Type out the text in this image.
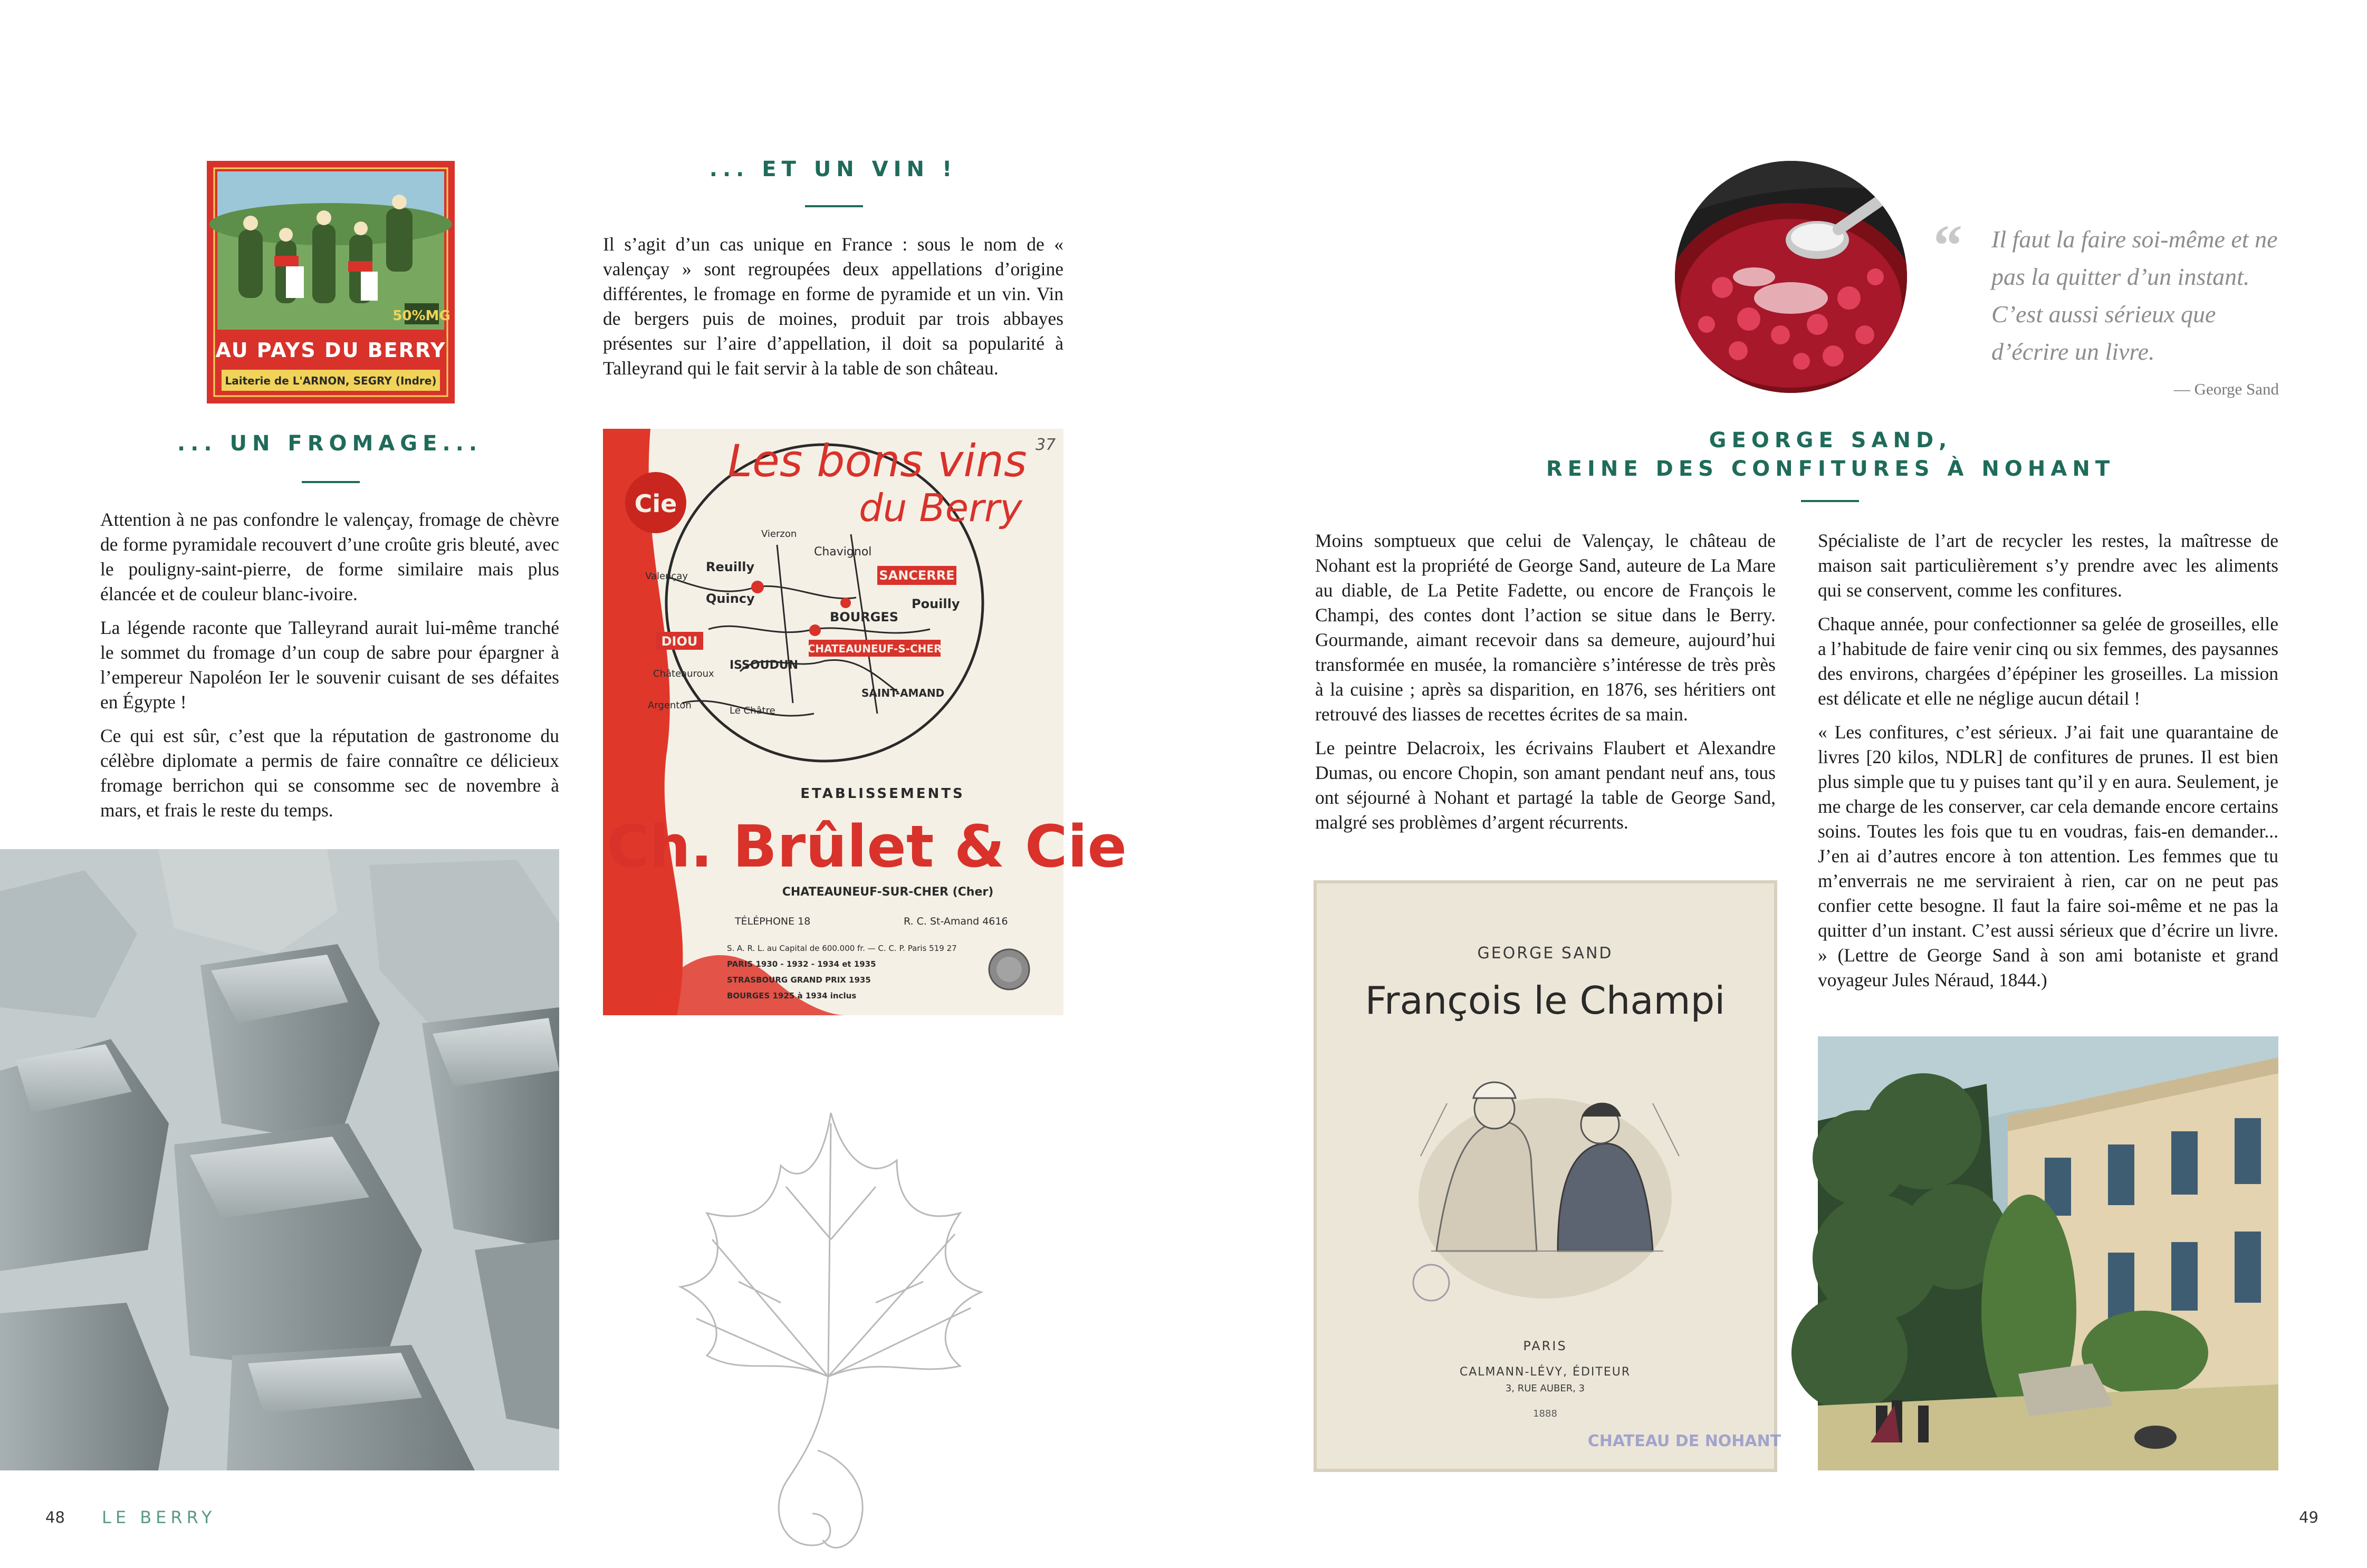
50%MG
AU PAYS DU BERRY
Laiterie de L'ARNON, SEGRY (Indre)
... UN FROMAGE...

Attention à ne pas confondre le valençay, fromage de chèvre de forme pyramidale recouvert d’une croûte gris bleuté, avec le pouligny-saint-pierre, de forme similaire mais plus élancée et de couleur blanc-ivoire.

La légende raconte que Talleyrand aurait lui-même tranché le sommet du fromage d’un coup de sabre pour épargner à l’empereur Napoléon Ier le souvenir cuisant de ses défaites en Égypte !

Ce qui est sûr, c’est que la réputation de gastronome du célèbre diplomate a permis de faire connaître ce délicieux fromage berrichon qui se consomme sec de novembre à mars, et frais le reste du temps.

... ET UN VIN !

Il s’agit d’un cas unique en France : sous le nom de « valençay » sont regroupées deux appellations d’origine différentes, le fromage en forme de pyramide et un vin. Vin de bergers puis de moines, produit par trois abbayes présentes sur l’aire d’appellation, il doit sa popularité à Talleyrand qui le fait servir à la table de son château.

Cie
Les bons vins
du Berry
37
SANCERRE
Reuilly
Quincy
Chavignol
Pouilly
BOURGES
DIOU
ISSOUDUN
CHATEAUNEUF-S-CHER
SAINT-AMAND
Valençay
Vierzon
Châteauroux
Argenton	Le Châtre
ETABLISSEMENTS
Ch. Brûlet & Cie
CHATEAUNEUF-SUR-CHER (Cher)
TÉLÉPHONE 18	R. C. St-Amand 4616
S. A. R. L. au Capital de 600.000 fr. — C. C. P. Paris 519 27
PARIS 1930 - 1932 - 1934 et 1935
STRASBOURG GRAND PRIX 1935
BOURGES 1925 à 1934 inclus
48 LE BERRY
“ Il faut la faire soi-même et ne pas la quitter d’un instant. C’est aussi sérieux que d’écrire un livre.
— George Sand
GEORGE SAND,
REINE DES CONFITURES À NOHANT

Moins somptueux que celui de Valençay, le château de Nohant est la propriété de George Sand, auteure de La Mare au diable, de La Petite Fadette, ou encore de François le Champi, des contes dont l’action se situe dans le Berry. Gourmande, aimant recevoir dans sa demeure, aujourd’hui transformée en musée, la romancière s’intéresse de très près à la cuisine ; après sa disparition, en 1876, ses héritiers ont retrouvé des liasses de recettes écrites de sa main.

Le peintre Delacroix, les écrivains Flaubert et Alexandre Dumas, ou encore Chopin, son amant pendant neuf ans, tous ont séjourné à Nohant et partagé la table de George Sand, malgré ses problèmes d’argent récurrents.

Spécialiste de l’art de recycler les restes, la maîtresse de maison sait particulièrement s’y prendre avec les aliments qui se conservent, comme les confitures.

Chaque année, pour confectionner sa gelée de groseilles, elle a l’habitude de faire venir cinq ou six femmes, des paysannes des environs, chargées d’épépiner les groseilles. La mission est délicate et elle ne néglige aucun détail !

« Les confitures, c’est sérieux. J’ai fait une quarantaine de livres [20 kilos, NDLR] de confitures de prunes. Il est bien plus simple que tu y puises tant qu’il y en aura. Seulement, je me charge de les conserver, car cela demande encore certains soins. Toutes les fois que tu en voudras, fais-en demander... J’en ai d’autres encore à ton attention. Les femmes que tu m’enverrais ne me serviraient à rien, car on ne peut pas confier cette besogne. Il faut la faire soi-même et ne pas la quitter d’un instant. C’est aussi sérieux que d’écrire un livre. » (Lettre de George Sand à son ami botaniste et grand voyageur Jules Néraud, 1844.)

GEORGE SAND
François le Champi
PARIS
CALMANN-LÉVY, ÉDITEUR
3, RUE AUBER, 3
1888
CHATEAU DE NOHANT
49
